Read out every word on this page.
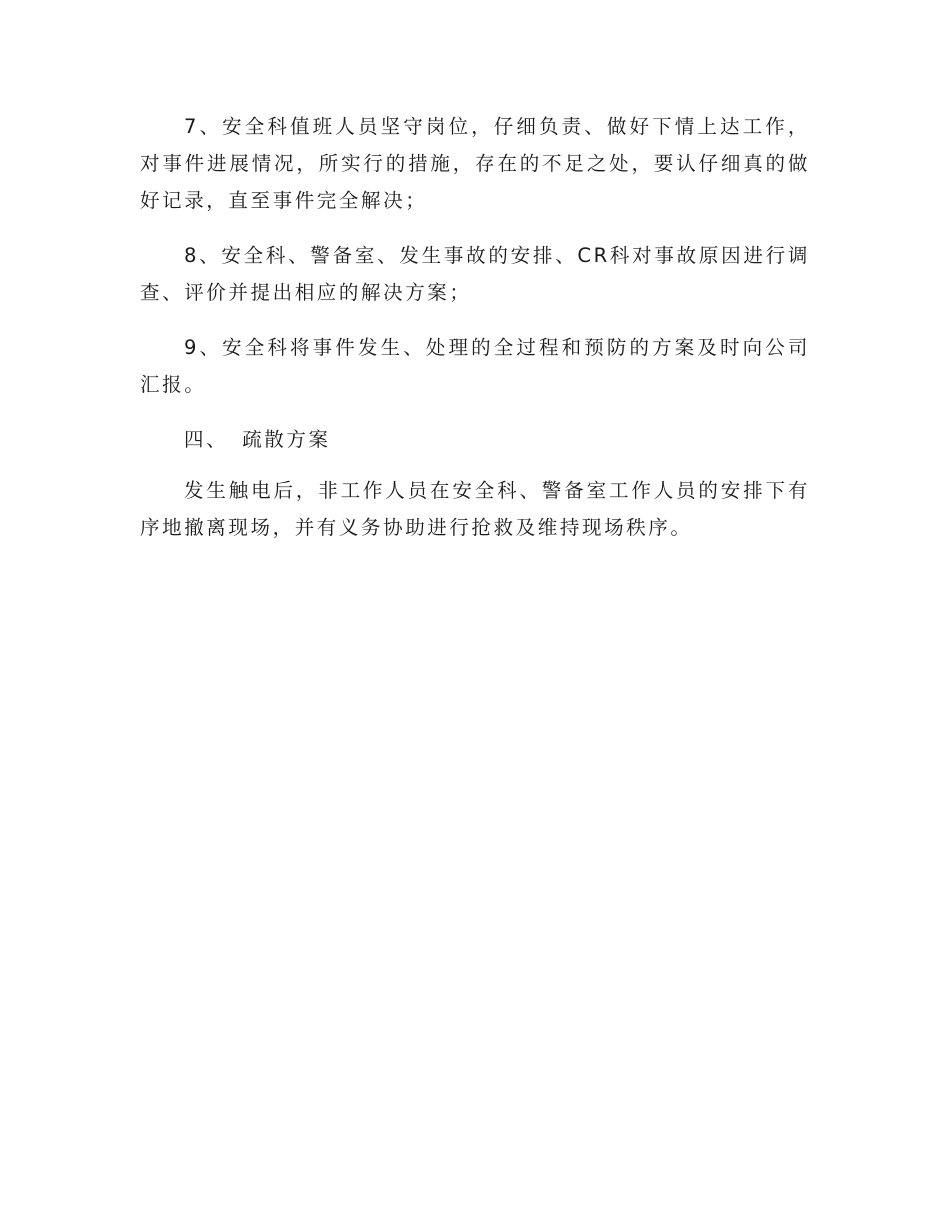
7、安全科值班人员坚守岗位，仔细负责、做好下情上达工作，对事件进展情况，所实行的措施，存在的不足之处，要认仔细真的做好记录，直至事件完全解决；

8、安全科、警备室、发生事故的安排、CR科对事故原因进行调查、评价并提出相应的解决方案；

9、安全科将事件发生、处理的全过程和预防的方案及时向公司汇报。

四、 疏散方案

发生触电后，非工作人员在安全科、警备室工作人员的安排下有序地撤离现场，并有义务协助进行抢救及维持现场秩序。
